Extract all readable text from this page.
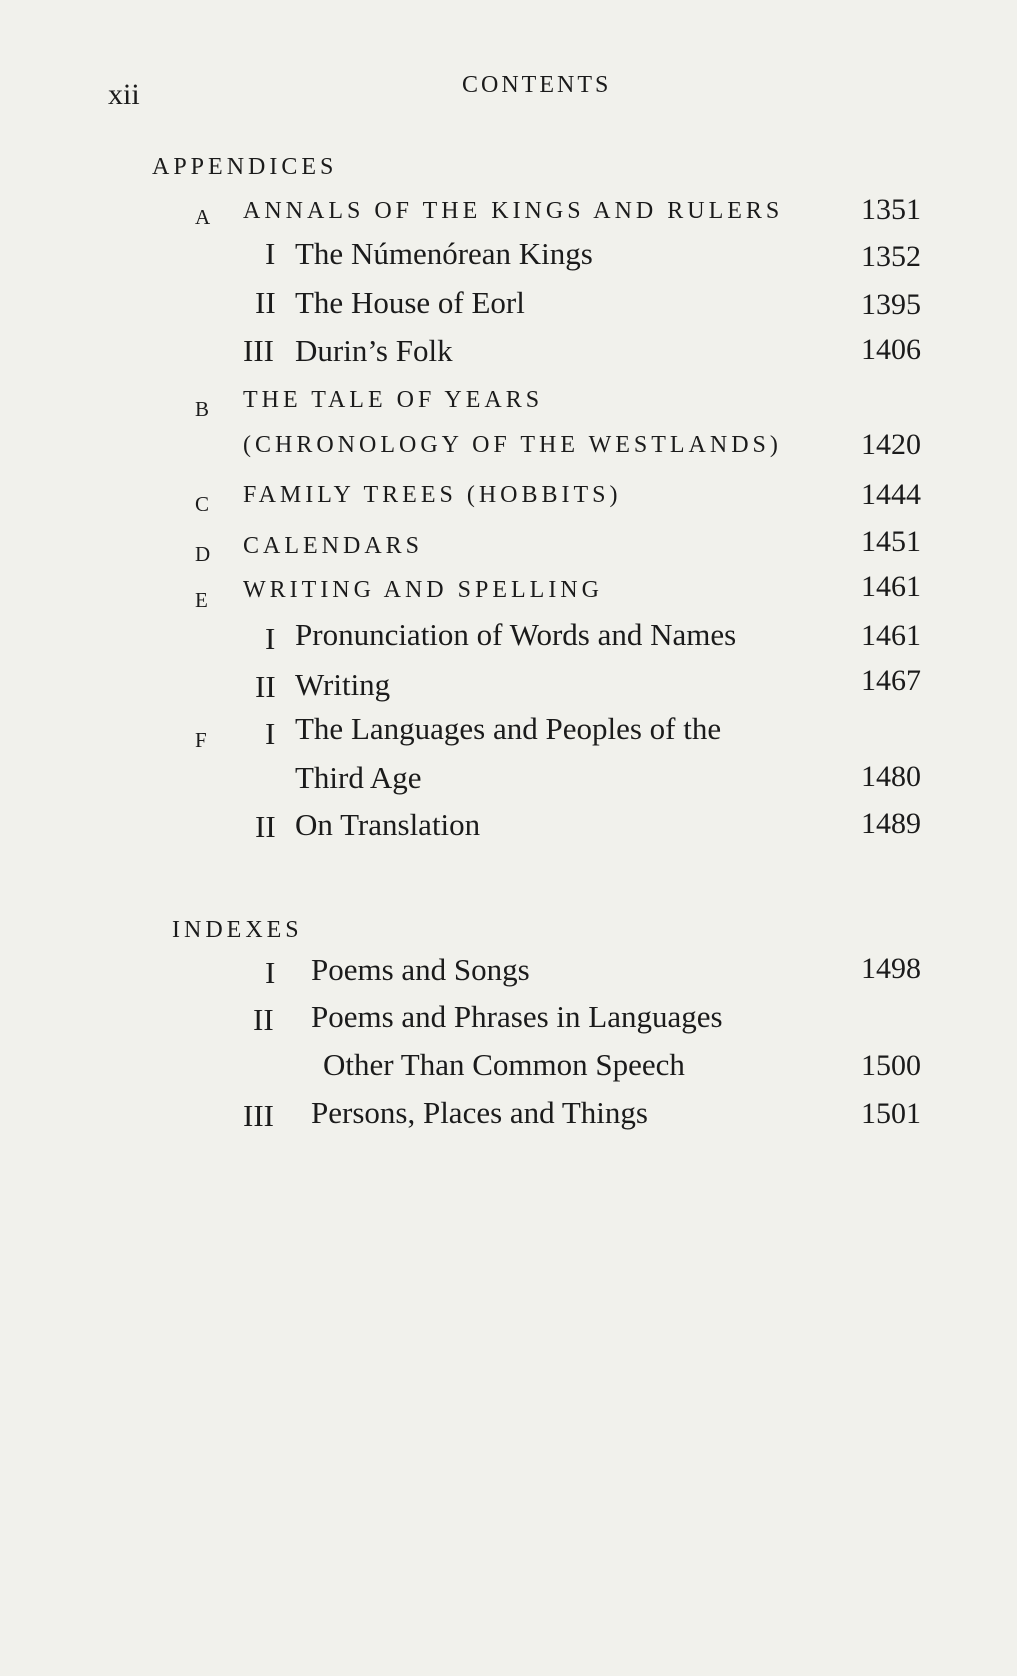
xii	CONTENTS
APPENDICES
A ANNALS OF THE KINGS AND RULERS	1351
I The Númenórean Kings	1352
II The House of Eorl	1395
III Durin’s Folk	1406
B THE TALE OF YEARS
(CHRONOLOGY OF THE WESTLANDS)	1420
C FAMILY TREES (HOBBITS)	1444
D CALENDARS	1451
E WRITING AND SPELLING	1461
I Pronunciation of Words and Names	1461
II Writing	1467
F I The Languages and Peoples of the
Third Age	1480
II On Translation	1489
INDEXES
I Poems and Songs	1498
II Poems and Phrases in Languages
Other Than Common Speech	1500
III Persons, Places and Things	1501
